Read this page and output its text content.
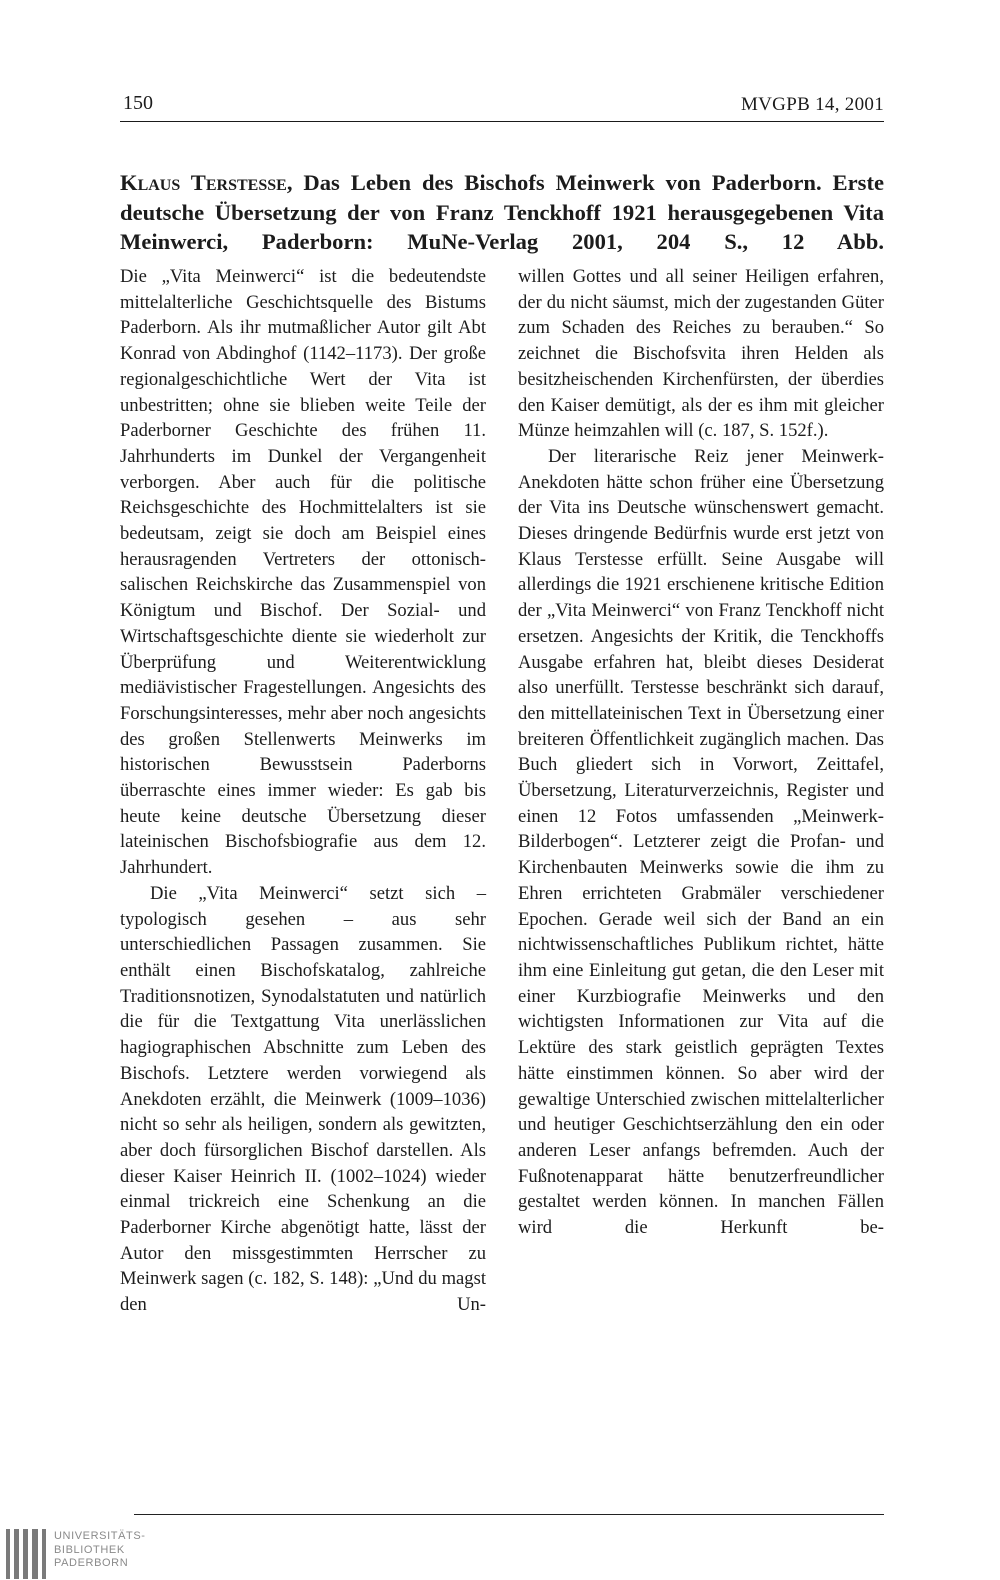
150	MVGPB 14, 2001
Klaus Terstesse, Das Leben des Bischofs Meinwerk von Paderborn. Erste deutsche Übersetzung der von Franz Tenckhoff 1921 herausgegebenen Vita Meinwerci, Paderborn: MuNe-Verlag 2001, 204 S., 12 Abb.

Die „Vita Meinwerci“ ist die bedeutendste mittelalterliche Geschichtsquelle des Bistums Paderborn. Als ihr mutmaßlicher Autor gilt Abt Konrad von Abdinghof (1142–1173). Der große regionalgeschichtliche Wert der Vita ist unbestritten; ohne sie blieben weite Teile der Paderborner Geschichte des frühen 11. Jahrhunderts im Dunkel der Vergangenheit verborgen. Aber auch für die politische Reichsgeschichte des Hochmittelalters ist sie bedeutsam, zeigt sie doch am Beispiel eines herausragenden Vertreters der ottonisch-salischen Reichskirche das Zusammenspiel von Königtum und Bischof. Der Sozial- und Wirtschaftsgeschichte diente sie wiederholt zur Überprüfung und Weiterentwicklung mediävistischer Fragestellungen. Angesichts des Forschungsinteresses, mehr aber noch angesichts des großen Stellenwerts Meinwerks im historischen Bewusstsein Paderborns überraschte eines immer wieder: Es gab bis heute keine deutsche Übersetzung dieser lateinischen Bischofsbiografie aus dem 12. Jahrhundert.

Die „Vita Meinwerci“ setzt sich – typologisch gesehen – aus sehr unterschiedlichen Passagen zusammen. Sie enthält einen Bischofskatalog, zahlreiche Traditionsnotizen, Synodalstatuten und natürlich die für die Textgattung Vita unerlässlichen hagiographischen Abschnitte zum Leben des Bischofs. Letztere werden vorwiegend als Anekdoten erzählt, die Meinwerk (1009–1036) nicht so sehr als heiligen, sondern als gewitzten, aber doch fürsorglichen Bischof darstellen. Als dieser Kaiser Heinrich II. (1002–1024) wieder einmal trickreich eine Schenkung an die Paderborner Kirche abgenötigt hatte, lässt der Autor den missgestimmten Herrscher zu Meinwerk sagen (c. 182, S. 148): „Und du magst den Un-

willen Gottes und all seiner Heiligen erfahren, der du nicht säumst, mich der zugestanden Güter zum Schaden des Reiches zu berauben.“ So zeichnet die Bischofsvita ihren Helden als besitzheischenden Kirchenfürsten, der überdies den Kaiser demütigt, als der es ihm mit gleicher Münze heimzahlen will (c. 187, S. 152f.).

Der literarische Reiz jener Meinwerk-Anekdoten hätte schon früher eine Übersetzung der Vita ins Deutsche wünschenswert gemacht. Dieses dringende Bedürfnis wurde erst jetzt von Klaus Terstesse erfüllt. Seine Ausgabe will allerdings die 1921 erschienene kritische Edition der „Vita Meinwerci“ von Franz Tenckhoff nicht ersetzen. Angesichts der Kritik, die Tenckhoffs Ausgabe erfahren hat, bleibt dieses Desiderat also unerfüllt. Terstesse beschränkt sich darauf, den mittellateinischen Text in Übersetzung einer breiteren Öffentlichkeit zugänglich machen. Das Buch gliedert sich in Vorwort, Zeittafel, Übersetzung, Literaturverzeichnis, Register und einen 12 Fotos umfassenden „Meinwerk-Bilderbogen“. Letzterer zeigt die Profan- und Kirchenbauten Meinwerks sowie die ihm zu Ehren errichteten Grabmäler verschiedener Epochen. Gerade weil sich der Band an ein nichtwissenschaftliches Publikum richtet, hätte ihm eine Einleitung gut getan, die den Leser mit einer Kurzbiografie Meinwerks und den wichtigsten Informationen zur Vita auf die Lektüre des stark geistlich geprägten Textes hätte einstimmen können. So aber wird der gewaltige Unterschied zwischen mittelalterlicher und heutiger Geschichtserzählung den ein oder anderen Leser anfangs befremden. Auch der Fußnotenapparat hätte benutzerfreundlicher gestaltet werden können. In manchen Fällen wird die Herkunft be-

UNIVERSITÄTS-
BIBLIOTHEK
PADERBORN
